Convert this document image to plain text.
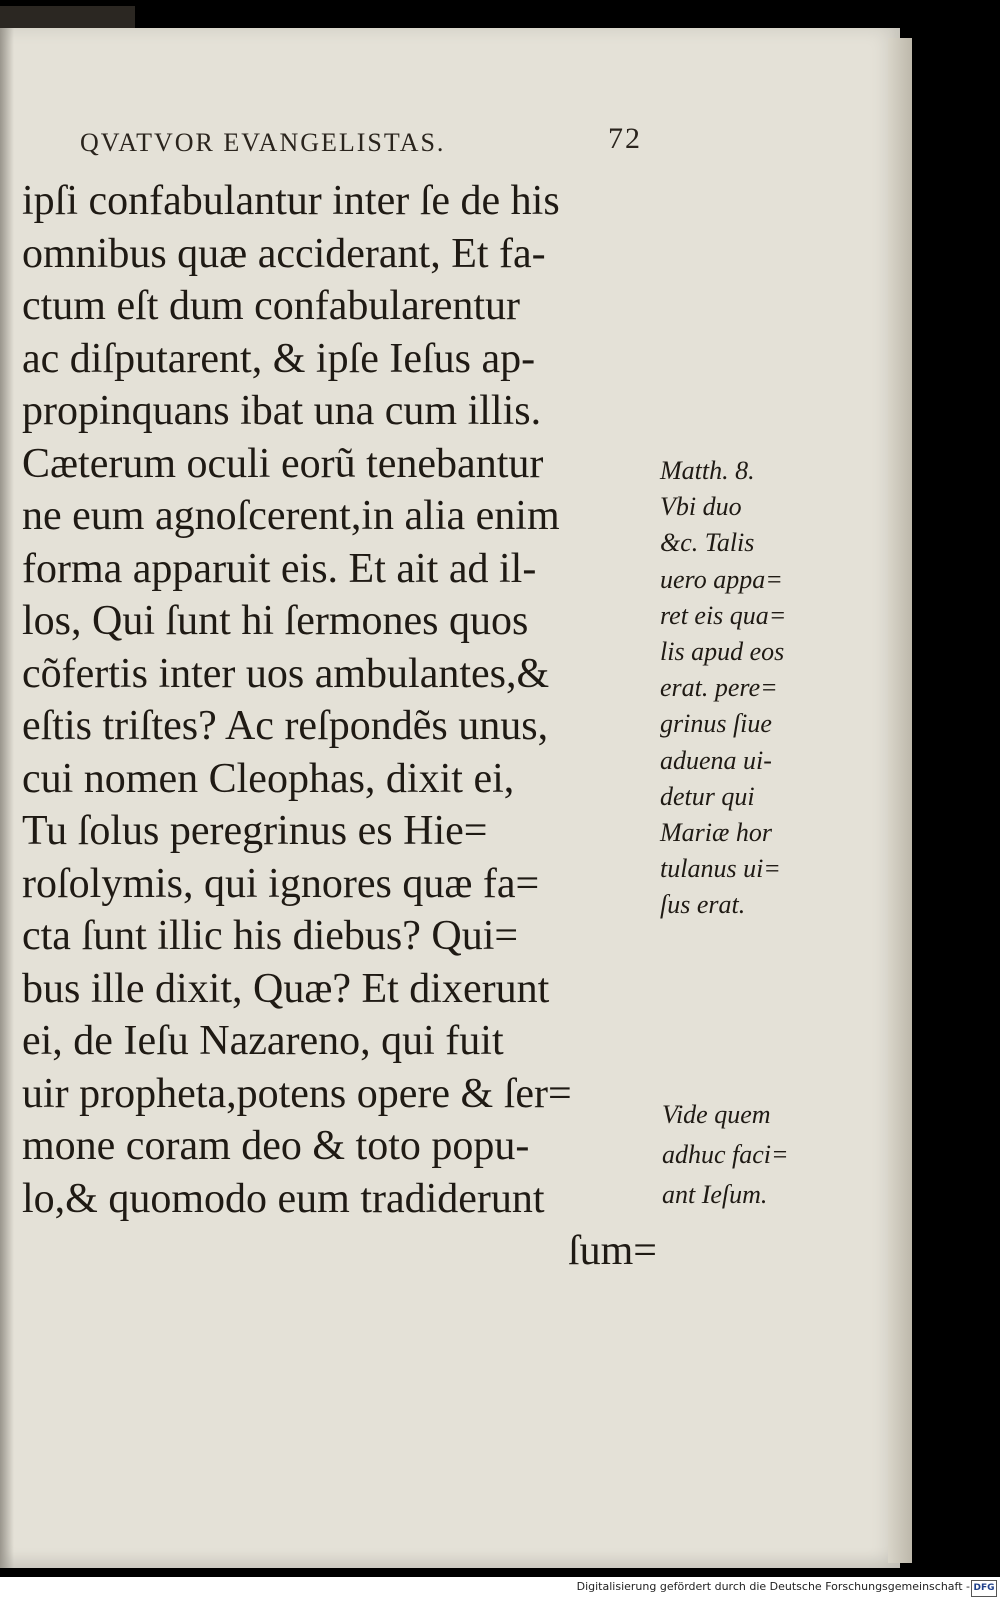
QVATVOR EVANGELISTAS.	72
ipſi confabulantur inter ſe de his
omnibus quæ acciderant, Et fa-
ctum eſt dum confabularentur
ac diſputarent, & ipſe Ieſus ap-
propinquans ibat una cum illis.
Cæterum oculi eorũ tenebantur
ne eum agnoſcerent,in alia enim
forma apparuit eis. Et ait ad il-
los, Qui ſunt hi ſermones quos
cõfertis inter uos ambulantes,&
eſtis triſtes? Ac reſpondẽs unus,
cui nomen Cleophas, dixit ei,
Tu ſolus peregrinus es Hie=
roſolymis, qui ignores quæ fa=
cta ſunt illic his diebus? Qui=
bus ille dixit, Quæ? Et dixerunt
ei, de Ieſu Nazareno, qui fuit
uir propheta,potens opere & ſer=
mone coram deo & toto popu-
lo,& quomodo eum tradiderunt
ſum=
Matth. 8.
Vbi duo
&c. Talis
uero appa=
ret eis qua=
lis apud eos
erat. pere=
grinus ſiue
aduena ui-
detur qui
Mariæ hor
tulanus ui=
ſus erat.
Vide quem
adhuc faci=
ant Ieſum.
Digitalisierung gefördert durch die Deutsche Forschungsgemeinschaft - DFG
